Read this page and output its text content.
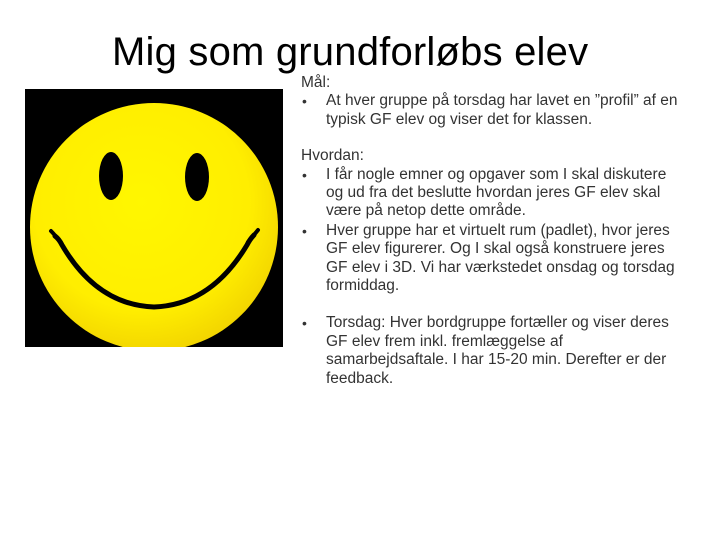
Mig som grundforløbs elev
Mål:
• At hver gruppe på torsdag har lavet en ”profil” af en typisk GF elev og viser det for klassen.
Hvordan:
• I får nogle emner og opgaver som I skal diskutere og ud fra det beslutte hvordan jeres GF elev skal være på netop dette område.
• Hver gruppe har et virtuelt rum (padlet), hvor jeres GF elev figurerer. Og I skal også konstruere jeres GF elev i 3D. Vi har værkstedet onsdag og torsdag formiddag.
• Torsdag: Hver bordgruppe fortæller og viser deres GF elev frem inkl. fremlæggelse af samarbejdsaftale. I har 15-20 min. Derefter er der feedback.
